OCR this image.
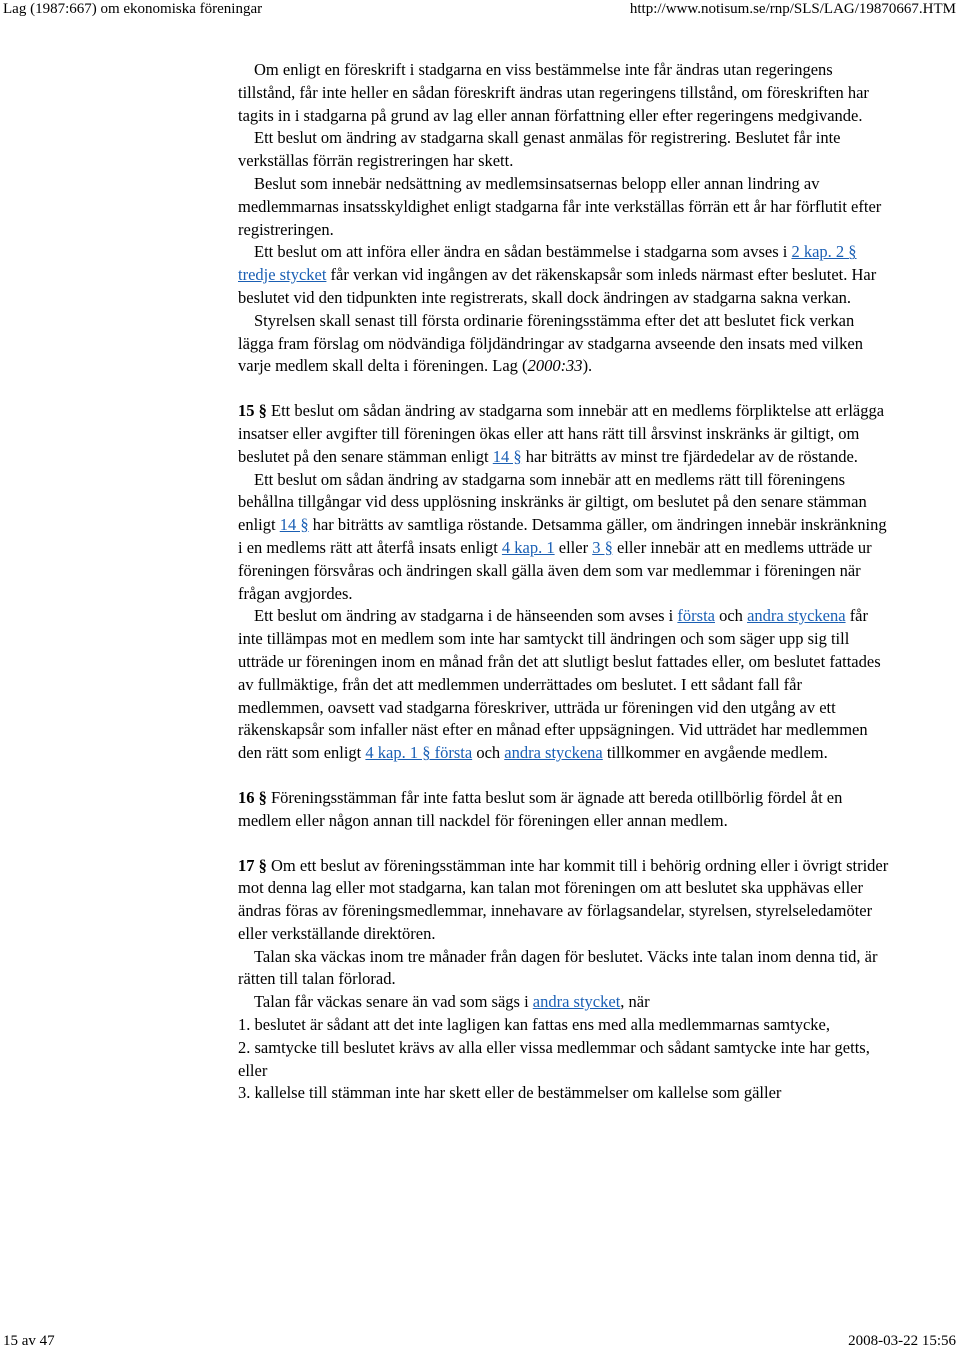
Lag (1987:667) om ekonomiska föreningar	http://www.notisum.se/rnp/SLS/LAG/19870667.HTM

Om enligt en föreskrift i stadgarna en viss bestämmelse inte får ändras utan regeringens tillstånd, får inte heller en sådan föreskrift ändras utan regeringens tillstånd, om föreskriften har tagits in i stadgarna på grund av lag eller annan författning eller efter regeringens medgivande.

Ett beslut om ändring av stadgarna skall genast anmälas för registrering. Beslutet får inte verkställas förrän registreringen har skett.

Beslut som innebär nedsättning av medlemsinsatsernas belopp eller annan lindring av medlemmarnas insatsskyldighet enligt stadgarna får inte verkställas förrän ett år har förflutit efter registreringen.

Ett beslut om att införa eller ändra en sådan bestämmelse i stadgarna som avses i 2 kap. 2 § tredje stycket får verkan vid ingången av det räkenskapsår som inleds närmast efter beslutet. Har beslutet vid den tidpunkten inte registrerats, skall dock ändringen av stadgarna sakna verkan.

Styrelsen skall senast till första ordinarie föreningsstämma efter det att beslutet fick verkan lägga fram förslag om nödvändiga följdändringar av stadgarna avseende den insats med vilken varje medlem skall delta i föreningen. Lag (2000:33).

15 § Ett beslut om sådan ändring av stadgarna som innebär att en medlems förpliktelse att erlägga insatser eller avgifter till föreningen ökas eller att hans rätt till årsvinst inskränks är giltigt, om beslutet på den senare stämman enligt 14 § har biträtts av minst tre fjärdedelar av de röstande.

Ett beslut om sådan ändring av stadgarna som innebär att en medlems rätt till föreningens behållna tillgångar vid dess upplösning inskränks är giltigt, om beslutet på den senare stämman enligt 14 § har biträtts av samtliga röstande. Detsamma gäller, om ändringen innebär inskränkning i en medlems rätt att återfå insats enligt 4 kap. 1 eller 3 § eller innebär att en medlems utträde ur föreningen försvåras och ändringen skall gälla även dem som var medlemmar i föreningen när frågan avgjordes.

Ett beslut om ändring av stadgarna i de hänseenden som avses i första och andra styckena får inte tillämpas mot en medlem som inte har samtyckt till ändringen och som säger upp sig till utträde ur föreningen inom en månad från det att slutligt beslut fattades eller, om beslutet fattades av fullmäktige, från det att medlemmen underrättades om beslutet. I ett sådant fall får medlemmen, oavsett vad stadgarna föreskriver, utträda ur föreningen vid den utgång av ett räkenskapsår som infaller näst efter en månad efter uppsägningen. Vid utträdet har medlemmen den rätt som enligt 4 kap. 1 § första och andra styckena tillkommer en avgående medlem.

16 § Föreningsstämman får inte fatta beslut som är ägnade att bereda otillbörlig fördel åt en medlem eller någon annan till nackdel för föreningen eller annan medlem.

17 § Om ett beslut av föreningsstämman inte har kommit till i behörig ordning eller i övrigt strider mot denna lag eller mot stadgarna, kan talan mot föreningen om att beslutet ska upphävas eller ändras föras av föreningsmedlemmar, innehavare av förlagsandelar, styrelsen, styrelseledamöter eller verkställande direktören.

Talan ska väckas inom tre månader från dagen för beslutet. Väcks inte talan inom denna tid, är rätten till talan förlorad.

Talan får väckas senare än vad som sägs i andra stycket, när

1. beslutet är sådant att det inte lagligen kan fattas ens med alla medlemmarnas samtycke,

2. samtycke till beslutet krävs av alla eller vissa medlemmar och sådant samtycke inte har getts, eller

3. kallelse till stämman inte har skett eller de bestämmelser om kallelse som gäller

15 av 47	2008-03-22 15:56
